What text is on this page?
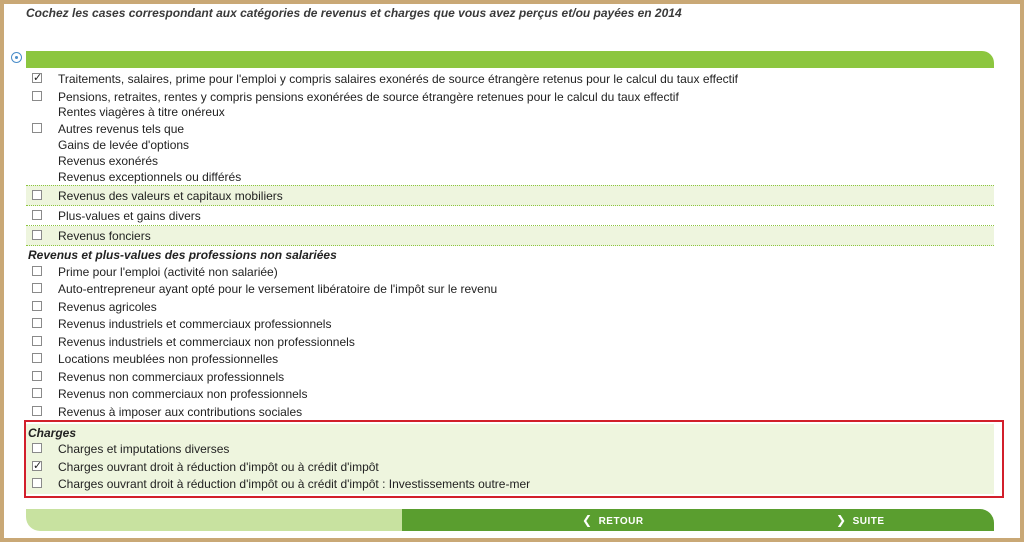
Cochez les cases correspondant aux catégories de revenus et charges que vous avez perçus et/ou payées en 2014
✓
Traitements, salaires, prime pour l'emploi y compris salaires exonérés de source étrangère retenus pour le calcul du taux effectif
Pensions, retraites, rentes y compris pensions exonérées de source étrangère retenues pour le calcul du taux effectif
Rentes viagères à titre onéreux
Autres revenus tels que
Gains de levée d'options
Revenus exonérés
Revenus exceptionnels ou différés
Revenus des valeurs et capitaux mobiliers
Plus-values et gains divers
Revenus fonciers
Revenus et plus-values des professions non salariées
Prime pour l'emploi (activité non salariée)
Auto-entrepreneur ayant opté pour le versement libératoire de l'impôt sur le revenu
Revenus agricoles
Revenus industriels et commerciaux professionnels
Revenus industriels et commerciaux non professionnels
Locations meublées non professionnelles
Revenus non commerciaux professionnels
Revenus non commerciaux non professionnels
Revenus à imposer aux contributions sociales
Charges
Charges et imputations diverses
✓
Charges ouvrant droit à réduction d'impôt ou à crédit d'impôt
Charges ouvrant droit à réduction d'impôt ou à crédit d'impôt : Investissements outre-mer
❮ RETOUR	❯ SUITE
